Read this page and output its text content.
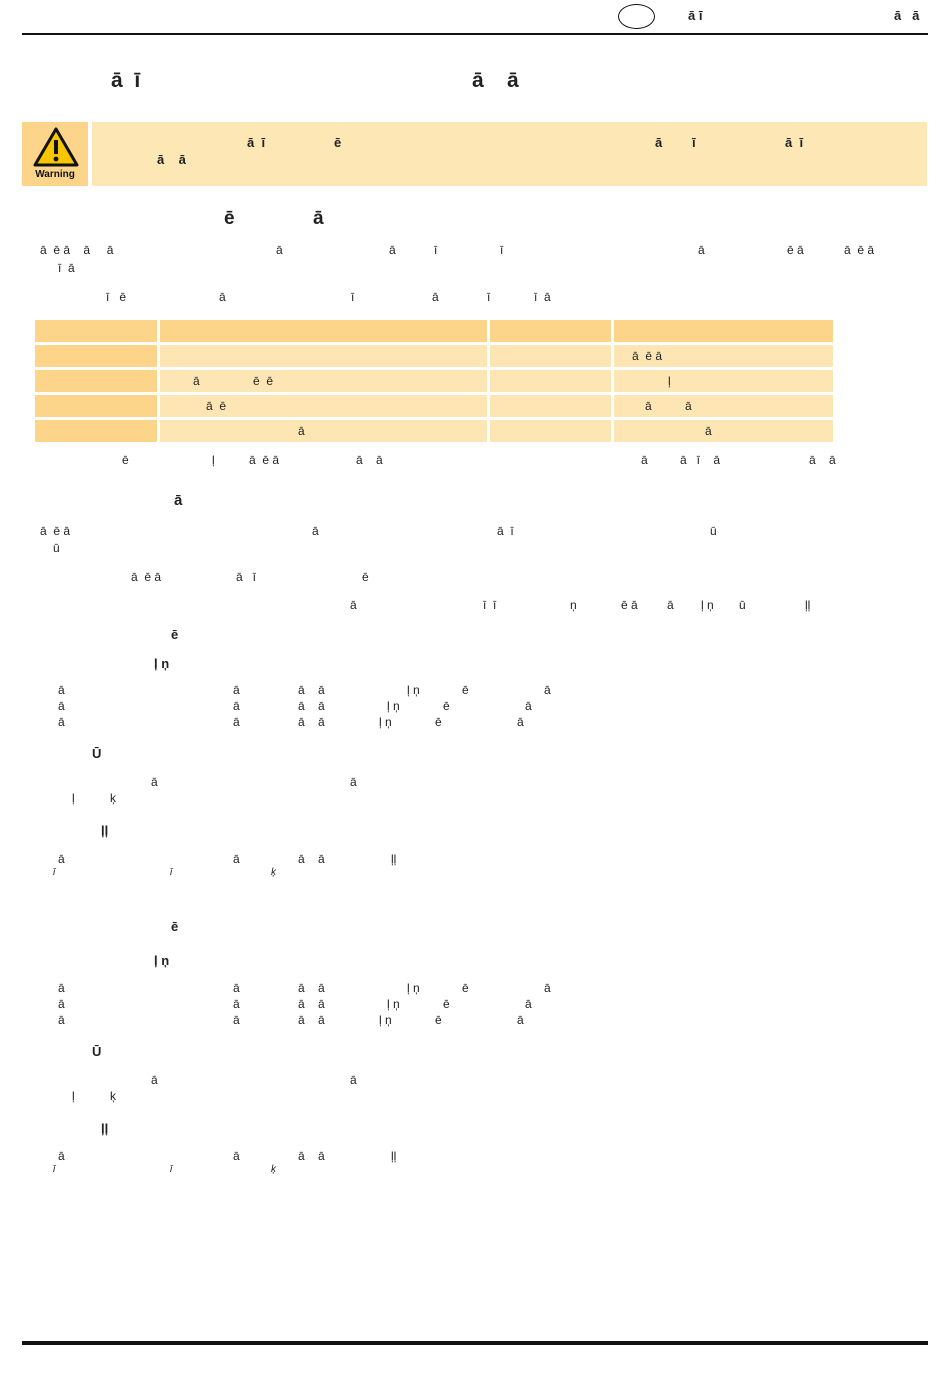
ā ī	ā   ā
ā  ī	ā    ā
Warning
ā  ī	ē	ā ī	ā  ī
ā    ā
ē	ā
ā  ē ā    ā     ā	ā	ā	ī	ī	ā	ē ā	ā  ē ā
ī  ā
ī   ē	ā	ī	ā	ī	ī  ā

			ā  ē ā
	ā                ē  ē		ļ
	ā  ē		ā          ā
	ā		ā
ē	ļ	ā  ē ā	ā    ā	ā	ā   ī    ā	ā    ā
ā
ā  ē ā	ā	ā  ī	ū
ū
ā  ē ā	ā   ī	ē
ā	ī  ī	ņ	ē ā ā ļ ņ ū	ļļ
ē
ļ ņ
ā	ā	ā    ā	ļ ņ	ē	ā
ā	ā	ā    ā	ļ ņ	ē	ā
ā	ā	ā    ā	ļ ņ	ē	ā
Ū
ā	ā
ļ	ķ
ļļ
ā	ā	ā    ā	ļļ
ī	ī	ķ
ē
ļ ņ
ā	ā	ā    ā	ļ ņ	ē	ā
ā	ā	ā    ā	ļ ņ	ē	ā
ā	ā	ā    ā	ļ ņ	ē	ā
Ū
ā	ā
ļ	ķ
ļļ
ā	ā	ā    ā	ļļ
ī	ī	ķ
